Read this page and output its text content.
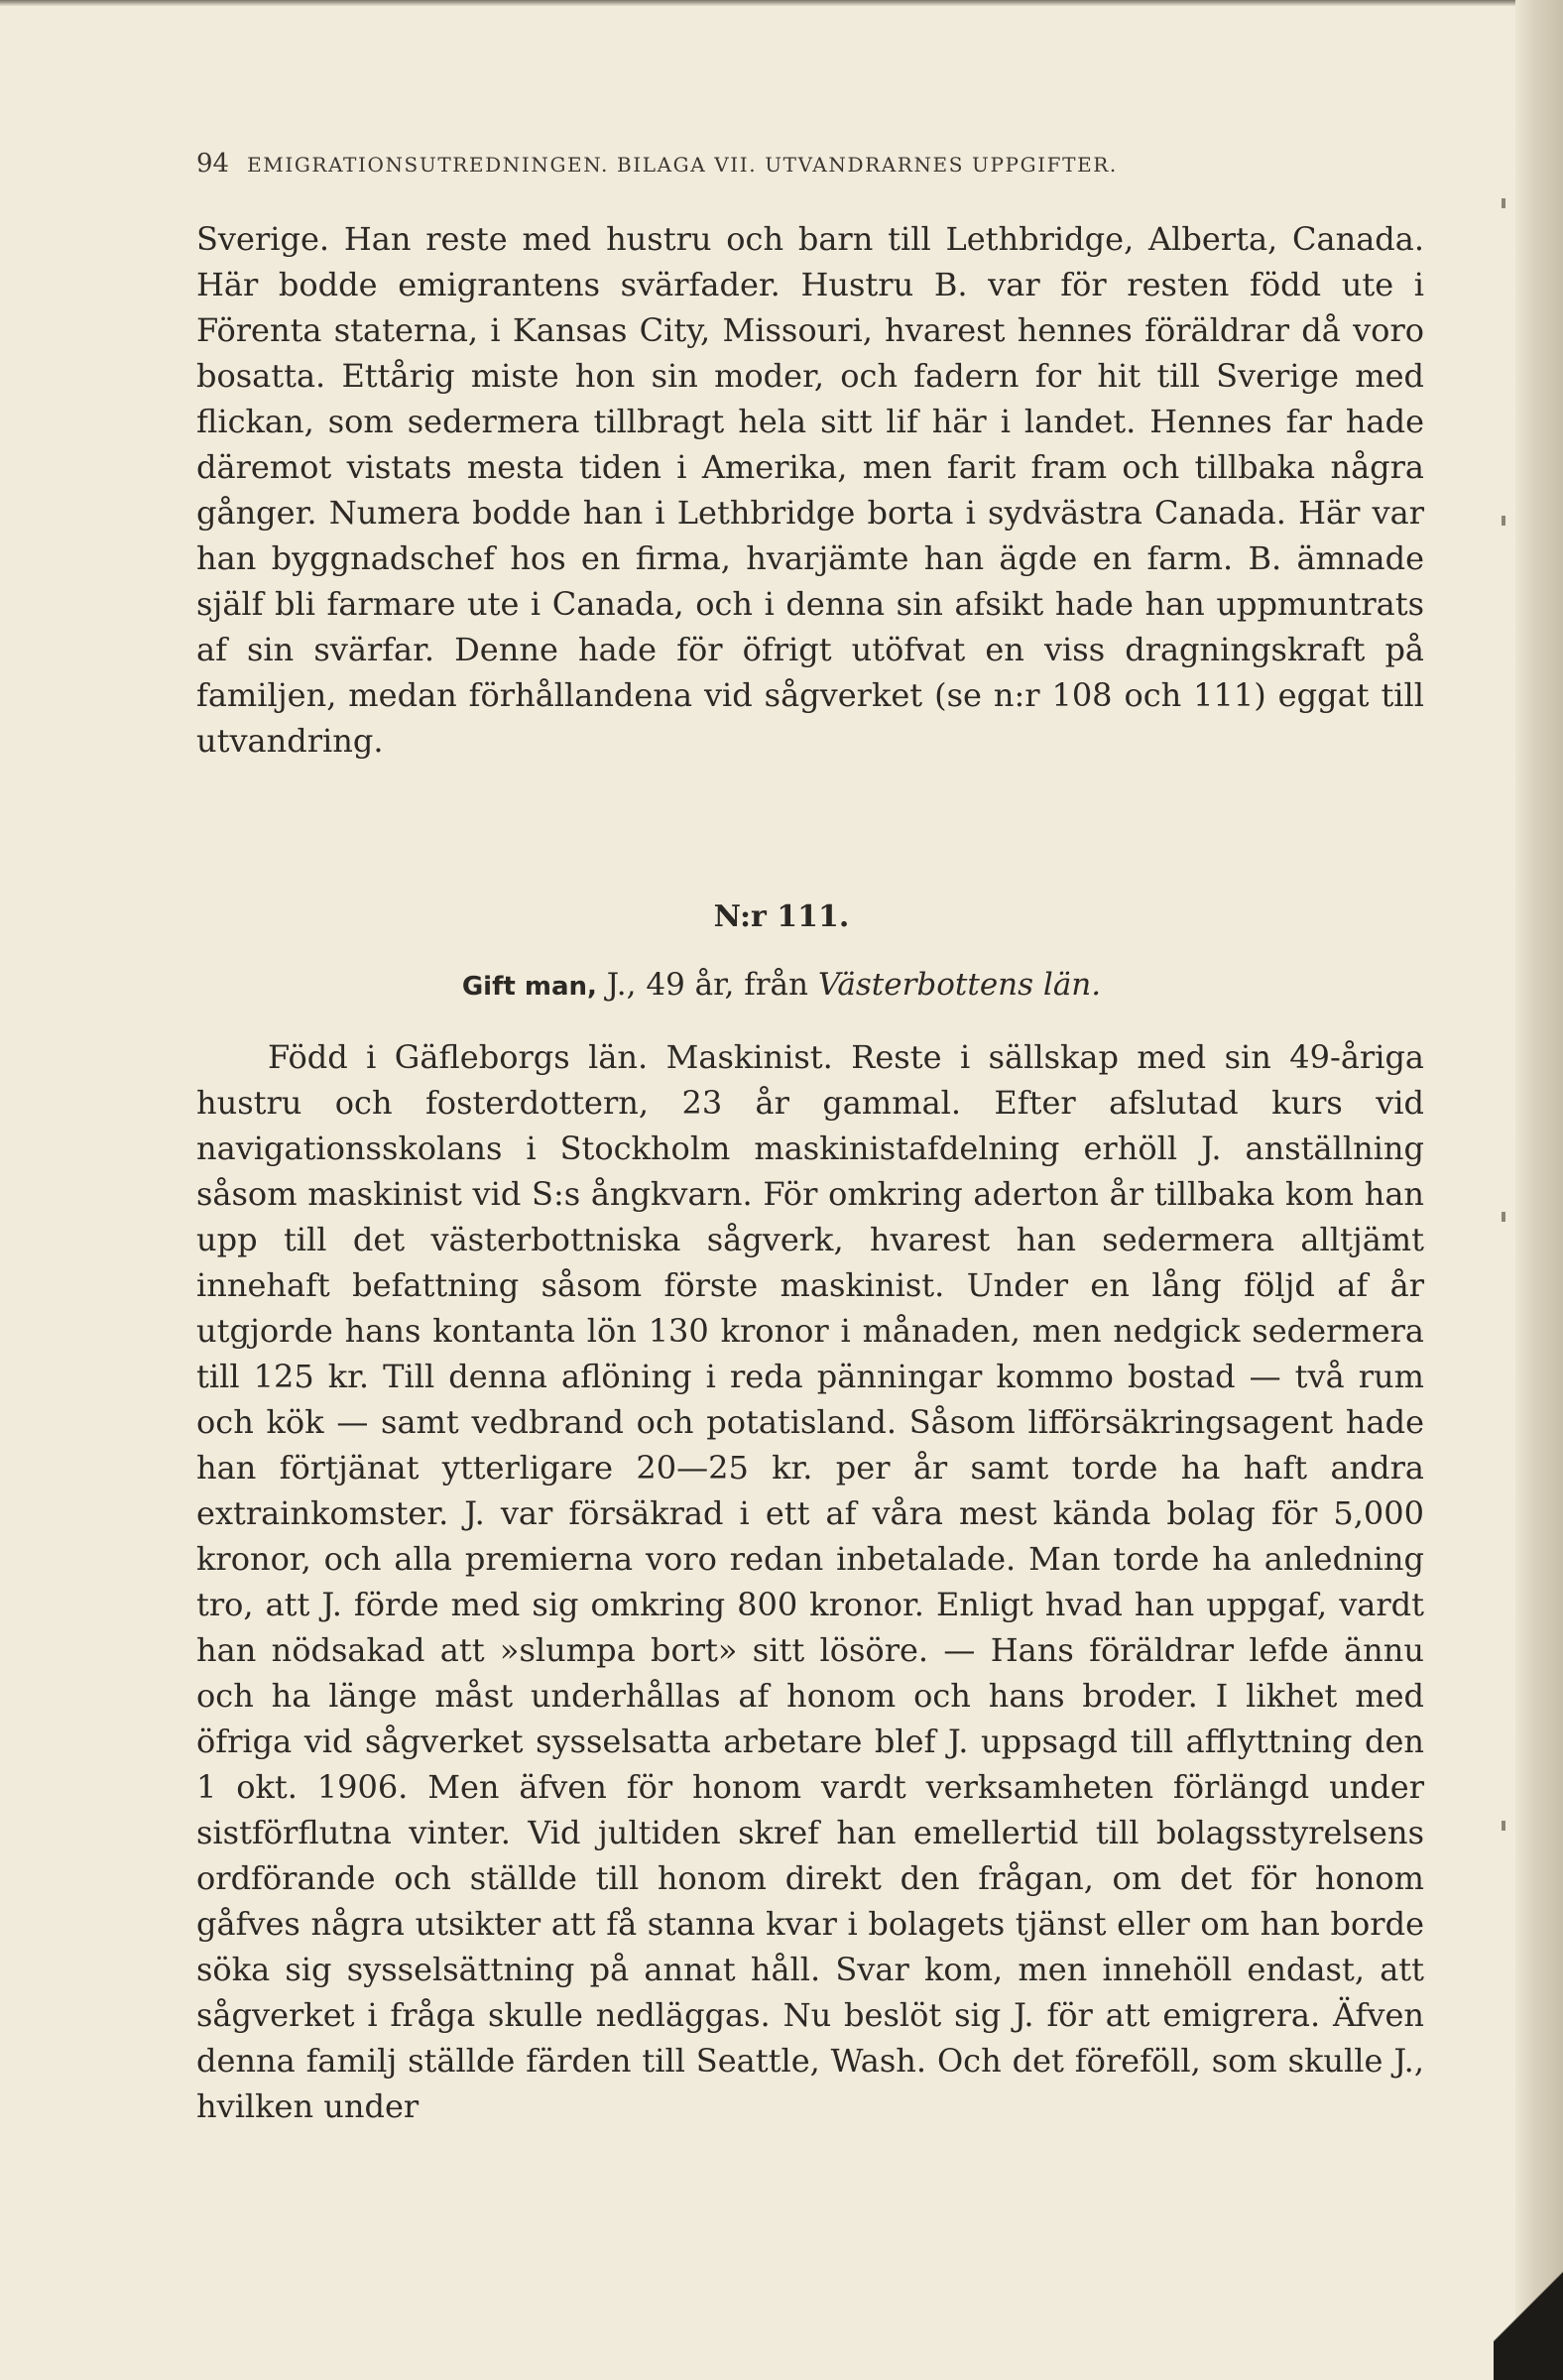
94 EMIGRATIONSUTREDNINGEN. BILAGA VII. UTVANDRARNES UPPGIFTER.

Sverige. Han reste med hustru och barn till Lethbridge, Alberta, Canada. Här bodde emigrantens svärfader. Hustru B. var för resten född ute i Förenta staterna, i Kansas City, Missouri, hvarest hennes föräldrar då voro bosatta. Ettårig miste hon sin moder, och fadern for hit till Sverige med flickan, som sedermera tillbragt hela sitt lif här i landet. Hennes far hade däremot vistats mesta tiden i Amerika, men farit fram och tillbaka några gånger. Numera bodde han i Lethbridge borta i sydvästra Canada. Här var han byggnadschef hos en firma, hvarjämte han ägde en farm. B. ämnade själf bli farmare ute i Canada, och i denna sin afsikt hade han uppmuntrats af sin svärfar. Denne hade för öfrigt utöfvat en viss dragningskraft på familjen, medan förhållandena vid sågverket (se n:r 108 och 111) eggat till utvandring.

N:r 111.

Gift man, J., 49 år, från Västerbottens län.

Född i Gäfleborgs län. Maskinist. Reste i sällskap med sin 49-åriga hustru och fosterdottern, 23 år gammal. Efter afslutad kurs vid navigationsskolans i Stockholm maskinistafdelning erhöll J. anställning såsom maskinist vid S:s ångkvarn. För omkring aderton år tillbaka kom han upp till det västerbottniska sågverk, hvarest han sedermera alltjämt innehaft befattning såsom förste maskinist. Under en lång följd af år utgjorde hans kontanta lön 130 kronor i månaden, men nedgick sedermera till 125 kr. Till denna aflöning i reda pänningar kommo bostad — två rum och kök — samt vedbrand och potatisland. Såsom lifförsäkringsagent hade han förtjänat ytterligare 20—25 kr. per år samt torde ha haft andra extrainkomster. J. var försäkrad i ett af våra mest kända bolag för 5,000 kronor, och alla premierna voro redan inbetalade. Man torde ha anledning tro, att J. förde med sig omkring 800 kronor. Enligt hvad han uppgaf, vardt han nödsakad att »slumpa bort» sitt lösöre. — Hans föräldrar lefde ännu och ha länge måst underhållas af honom och hans broder. I likhet med öfriga vid sågverket sysselsatta arbetare blef J. uppsagd till afflyttning den 1 okt. 1906. Men äfven för honom vardt verksamheten förlängd under sistförflutna vinter. Vid jultiden skref han emellertid till bolagsstyrelsens ordförande och ställde till honom direkt den frågan, om det för honom gåfves några utsikter att få stanna kvar i bolagets tjänst eller om han borde söka sig sysselsättning på annat håll. Svar kom, men innehöll endast, att sågverket i fråga skulle nedläggas. Nu beslöt sig J. för att emigrera. Äfven denna familj ställde färden till Seattle, Wash. Och det föreföll, som skulle J., hvilken under
